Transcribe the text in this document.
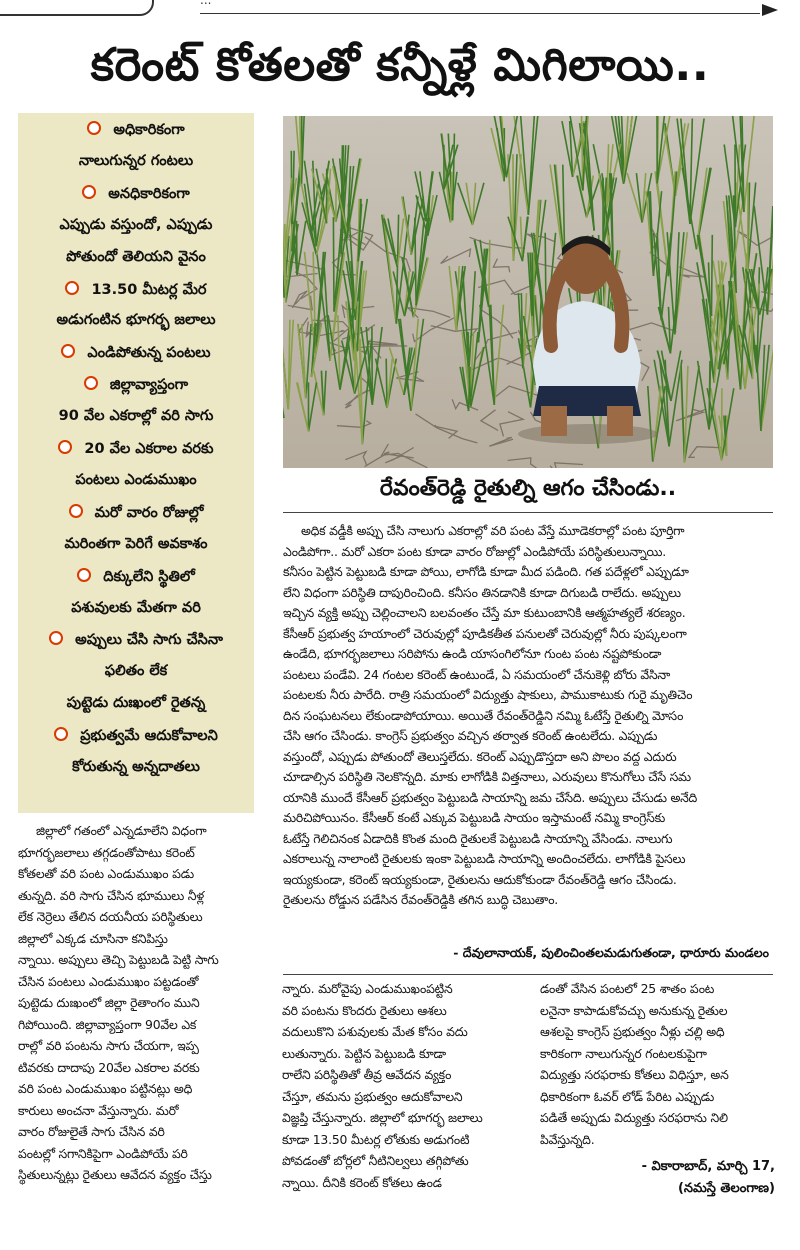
...
కరెంట్ కోతలతో కన్నీళ్లే మిగిలాయి..
అధికారికంగా
నాలుగున్నర గంటలు
అనధికారికంగా
ఎప్పుడు వస్తుందో, ఎప్పుడు
పోతుందో తెలియని వైనం
13.50 మీటర్ల మేర
అడుగంటిన భూగర్భ జలాలు
ఎండిపోతున్న పంటలు
జిల్లావ్యాప్తంగా
90 వేల ఎకరాల్లో వరి సాగు
20 వేల ఎకరాల వరకు
పంటలు ఎండుముఖం
మరో వారం రోజుల్లో
మరింతగా పెరిగే అవకాశం
దిక్కులేని స్థితిలో
పశువులకు మేతగా వరి
అప్పులు చేసి సాగు చేసినా
ఫలితం లేక
పుట్టెడు దుఃఖంలో రైతన్న
ప్రభుత్వమే ఆదుకోవాలని
కోరుతున్న అన్నదాతలు
రేవంత్‌రెడ్డి రైతుల్ని ఆగం చేసిండు..
అధిక వడ్డీకి అప్పు చేసి నాలుగు ఎకరాల్లో వరి పంట వేస్తే మూడెకరాల్లో పంట పూర్తిగా
ఎండిపోగా.. మరో ఎకరా పంట కూడా వారం రోజుల్లో ఎండిపోయే పరిస్థితులున్నాయి.
కనీసం పెట్టిన పెట్టుబడి కూడా పోయి, లాగోడి కూడా మీద పడింది. గత పదేళ్లలో ఎప్పుడూ
లేని విధంగా పరిస్థితి దాపురించింది. కనీసం తినడానికి కూడా దిగుబడి రాలేదు. అప్పులు
ఇచ్చిన వ్యక్తి అప్పు చెల్లించాలని బలవంతం చేస్తే మా కుటుంబానికి ఆత్మహత్యలే శరణ్యం.
కేసీఆర్ ప్రభుత్వ హయాంలో చెరువుల్లో పూడికతీత పనులతో చెరువుల్లో నీరు పుష్కలంగా
ఉండేది, భూగర్భజలాలు సరిపోను ఉండి యాసంగిలోనూ గుంట పంట నష్టపోకుండా
పంటలు పండేవి. 24 గంటల కరెంట్ ఉంటుండే, ఏ సమయంలో చేనుకెళ్లి బోరు వేసినా
పంటలకు నీరు పారేది. రాత్రి సమయంలో విద్యుత్తు షాకులు, పాముకాటుకు గురై మృతిచెం
దిన సంఘటనలు లేకుండాపోయాయి. అయితే రేవంత్‌రెడ్డిని నమ్మి ఓటేస్తే రైతుల్ని మోసం
చేసి ఆగం చేసిండు. కాంగ్రెస్ ప్రభుత్వం వచ్చిన తర్వాత కరెంట్ ఉంటలేదు. ఎప్పుడు
వస్తుందో, ఎప్పుడు పోతుందో తెలుస్తలేదు. కరెంట్ ఎప్పుడొస్తదా అని పొలం వద్ద ఎదురు
చూడాల్సిన పరిస్థితి నెలకొన్నది. మాకు లాగోడికి విత్తనాలు, ఎరువులు కొనుగోలు చేసే సమ
యానికి ముందే కేసీఆర్ ప్రభుత్వం పెట్టుబడి సాయాన్ని జమ చేసేది. అప్పులు చేసుడు అనేది
మరిచిపోయినం. కేసీఆర్ కంటే ఎక్కువ పెట్టుబడి సాయం ఇస్తామంటే నమ్మి కాంగ్రెస్‌కు
ఓటేస్తే గెలిచినంక ఏడాదికి కొంత మంది రైతులకే పెట్టుబడి సాయాన్ని వేసిండు. నాలుగు
ఎకరాలున్న నాలాంటి రైతులకు ఇంకా పెట్టుబడి సాయాన్ని అందించలేదు. లాగోడికి పైసలు
ఇయ్యకుండా, కరెంట్ ఇయ్యకుండా, రైతులను ఆదుకోకుండా రేవంత్‌రెడ్డి ఆగం చేసిండు.
రైతులను రోడ్డున పడేసిన రేవంత్‌రెడ్డికి తగిన బుద్ధి చెబుతాం.
- దేవులానాయక్, పులించింతలమడుగుతండా, ధారూరు మండలం
జిల్లాలో గతంలో ఎన్నడూలేని విధంగా
భూగర్భజలాలు తగ్గడంతోపాటు కరెంట్
కోతలతో వరి పంట ఎండుముఖం పడు
తున్నది. వరి సాగు చేసిన భూములు నీళ్ల
లేక నెర్రెలు తేలిన దయనీయ పరిస్థితులు
జిల్లాలో ఎక్కడ చూసినా కనిపిస్తు
న్నాయి. అప్పులు తెచ్చి పెట్టుబడి పెట్టి సాగు
చేసిన పంటలు ఎండుముఖం పట్టడంతో
పుట్టెడు దుఃఖంలో జిల్లా రైతాంగం ముని
గిపోయింది. జిల్లావ్యాప్తంగా 90వేల ఎక
రాల్లో వరి పంటను సాగు చేయగా, ఇప్ప
టివరకు దాదాపు 20వేల ఎకరాల వరకు
వరి పంట ఎండుముఖం పట్టినట్లు అధి
కారులు అంచనా వేస్తున్నారు. మరో
వారం రోజులైతే సాగు చేసిన వరి
పంటల్లో సగానికిపైగా ఎండిపోయే పరి
స్థితులున్నట్లు రైతులు ఆవేదన వ్యక్తం చేస్తు
న్నారు. మరోవైపు ఎండుముఖంపట్టిన
వరి పంటను కొందరు రైతులు ఆశలు
వదులుకొని పశువులకు మేత కోసం వదు
లుతున్నారు. పెట్టిన పెట్టుబడి కూడా
రాలేని పరిస్థితితో తీవ్ర ఆవేదన వ్యక్తం
చేస్తూ, తమను ప్రభుత్వం ఆదుకోవాలని
విజ్ఞప్తి చేస్తున్నారు. జిల్లాలో భూగర్భ జలాలు
కూడా 13.50 మీటర్ల లోతుకు అడుగంటి
పోవడంతో బోర్లలో నీటినిల్వలు తగ్గిపోతు
న్నాయి. దీనికి కరెంట్ కోతలు ఉండ
డంతో వేసిన పంటలో 25 శాతం పంట
లనైనా కాపాడుకోవచ్చు అనుకున్న రైతుల
ఆశలపై కాంగ్రెస్ ప్రభుత్వం నీళ్లు చల్లి అధి
కారికంగా నాలుగున్నర గంటలకుపైగా
విద్యుత్తు సరఫరాకు కోతలు విధిస్తూ, అన
ధికారికంగా ఓవర్ లోడ్ పేరిట ఎప్పుడు
పడితే అప్పుడు విద్యుత్తు సరఫరాను నిలి
పివేస్తున్నది.
- వికారాబాద్, మార్చి 17,
(నమస్తే తెలంగాణ)
